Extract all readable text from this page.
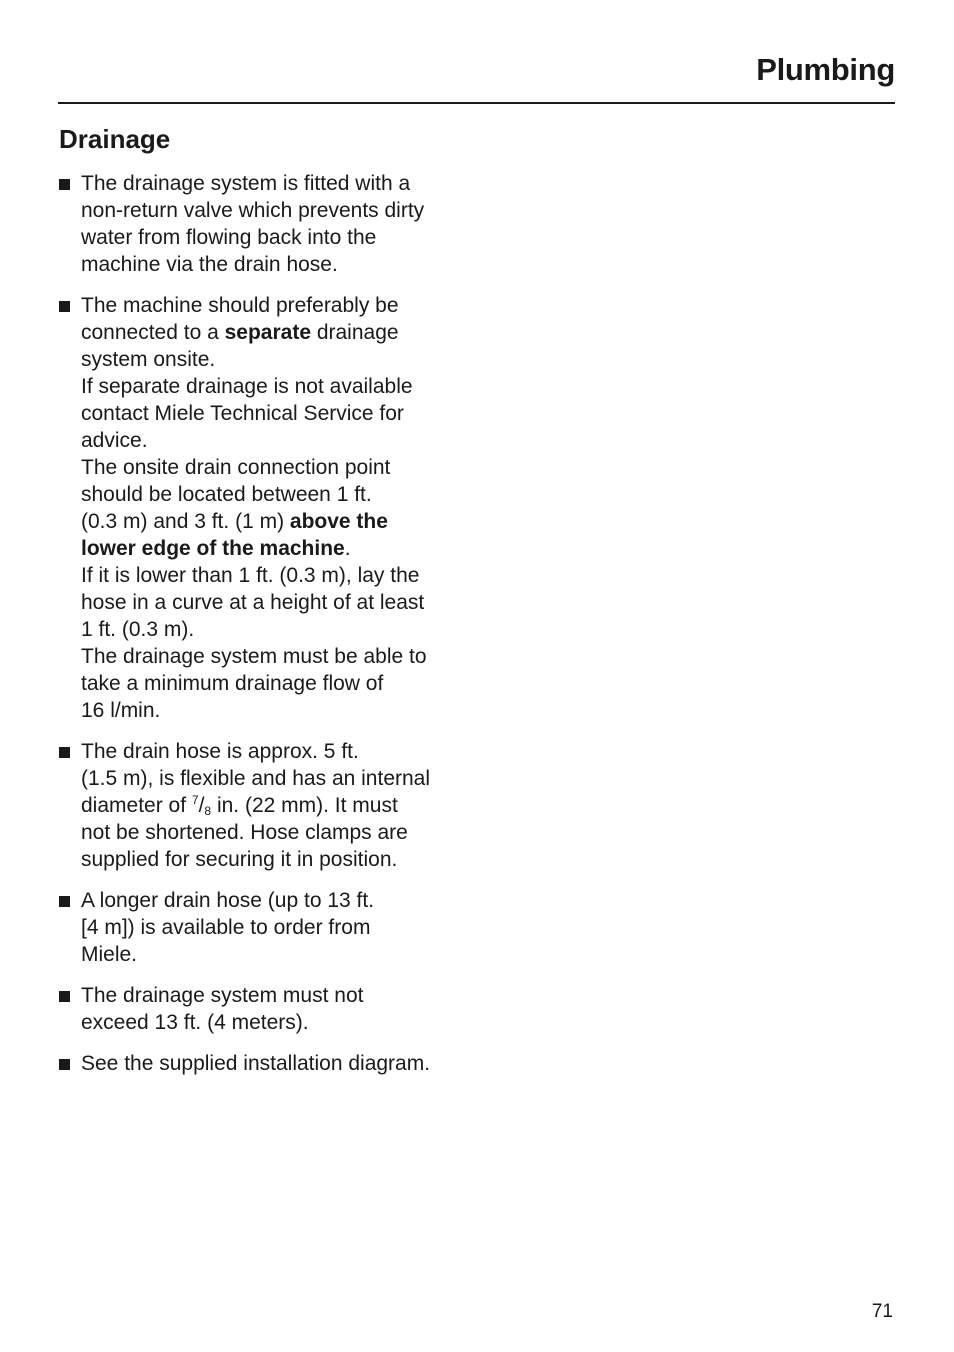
Plumbing
Drainage
The drainage system is fitted with a
non-return valve which prevents dirty
water from flowing back into the
machine via the drain hose.
The machine should preferably be
connected to a separate drainage
system onsite.
If separate drainage is not available
contact Miele Technical Service for
advice.
The onsite drain connection point
should be located between 1 ft.
(0.3 m) and 3 ft. (1 m) above the
lower edge of the machine.
If it is lower than 1 ft. (0.3 m), lay the
hose in a curve at a height of at least
1 ft. (0.3 m).
The drainage system must be able to
take a minimum drainage flow of
16 l/min.
The drain hose is approx. 5 ft.
(1.5 m), is flexible and has an internal
diameter of $^7/_8$ in. (22 mm). It must
not be shortened. Hose clamps are
supplied for securing it in position.
A longer drain hose (up to 13 ft.
[4 m]) is available to order from
Miele.
The drainage system must not
exceed 13 ft. (4 meters).
See the supplied installation diagram.
71
